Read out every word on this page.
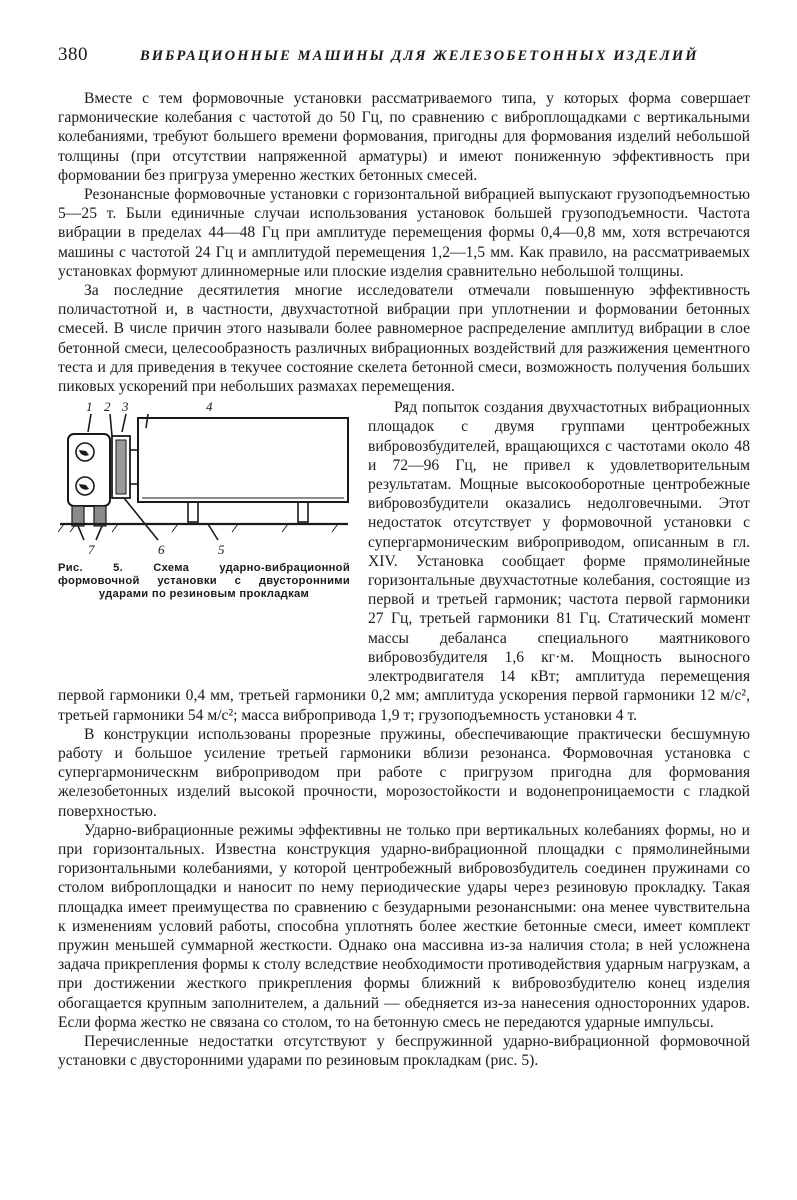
380	ВИБРАЦИОННЫЕ МАШИНЫ ДЛЯ ЖЕЛЕЗОБЕТОННЫХ ИЗДЕЛИЙ

Вместе с тем формовочные установки рассматриваемого типа, у которых форма совершает гармонические колебания с частотой до 50 Гц, по сравнению с виброплощадками с вертикальными колебаниями, требуют большего времени формования, пригодны для формования изделий небольшой толщины (при отсутствии напряженной арматуры) и имеют пониженную эффективность при формовании без пригруза умеренно жестких бетонных смесей.

Резонансные формовочные установки с горизонтальной вибрацией выпускают грузоподъемностью 5—25 т. Были единичные случаи использования установок большей грузоподъемности. Частота вибрации в пределах 44—48 Гц при амплитуде перемещения формы 0,4—0,8 мм, хотя встречаются машины с частотой 24 Гц и амплитудой перемещения 1,2—1,5 мм. Как правило, на рассматриваемых установках формуют длинномерные или плоские изделия сравнительно небольшой толщины.

За последние десятилетия многие исследователи отмечали повышенную эффективность поличастотной и, в частности, двухчастотной вибрации при уплотнении и формовании бетонных смесей. В числе причин этого называли более равномерное распределение амплитуд вибрации в слое бетонной смеси, целесообразность различных вибрационных воздействий для разжижения цементного теста и для приведения в текучее состояние скелета бетонной смеси, возможность получения больших пиковых ускорений при небольших размахах перемещения.

1 2 3	4
5
6
7
Рис. 5. Схема ударно-вибрационной формовочной установки с двусторонними ударами по резиновым прокладкам

Ряд попыток создания двухчастотных вибрационных площадок с двумя группами центробежных вибровозбудителей, вращающихся с частотами около 48 и 72—96 Гц, не привел к удовлетворительным результатам. Мощные высокооборотные центробежные вибровозбудители оказались недолговечными. Этот недостаток отсутствует у формовочной установки с супергармоническим виброприводом, описанным в гл. XIV. Установка сообщает форме прямолинейные горизонтальные двухчастотные колебания, состоящие из первой и третьей гармоник; частота первой гармоники 27 Гц, третьей гармоники 81 Гц. Статический момент массы дебаланса специального маятникового вибровозбудителя 1,6 кг·м. Мощность выносного электродвигателя 14 кВт; амплитуда перемещения первой гармоники 0,4 мм, третьей гармоники 0,2 мм; амплитуда ускорения первой гармоники 12 м/с², третьей гармоники 54 м/с²; масса вибропривода 1,9 т; грузоподъемность установки 4 т.

В конструкции использованы прорезные пружины, обеспечивающие практически бесшумную работу и большое усиление третьей гармоники вблизи резонанса. Формовочная установка с супергармоническнм виброприводом при работе с пригрузом пригодна для формования железобетонных изделий высокой прочности, морозостойкости и водонепроницаемости с гладкой поверхностью.

Ударно-вибрационные режимы эффективны не только при вертикальных колебаниях формы, но и при горизонтальных. Известна конструкция ударно-вибрационной площадки с прямолинейными горизонтальными колебаниями, у которой центробежный вибровозбудитель соединен пружинами со столом виброплощадки и наносит по нему периодические удары через резиновую прокладку. Такая площадка имеет преимущества по сравнению с безударными резонансными: она менее чувствительна к изменениям условий работы, способна уплотнять более жесткие бетонные смеси, имеет комплект пружин меньшей суммарной жесткости. Однако она массивна из-за наличия стола; в ней усложнена задача прикрепления формы к столу вследствие необходимости противодействия ударным нагрузкам, а при достижении жесткого прикрепления формы ближний к вибровозбудителю конец изделия обогащается крупным заполнителем, а дальний — обедняется из-за нанесения односторонних ударов. Если форма жестко не связана со столом, то на бетонную смесь не передаются ударные импульсы.

Перечисленные недостатки отсутствуют у беспружинной ударно-вибрационной формовочной установки с двусторонними ударами по резиновым прокладкам (рис. 5).
